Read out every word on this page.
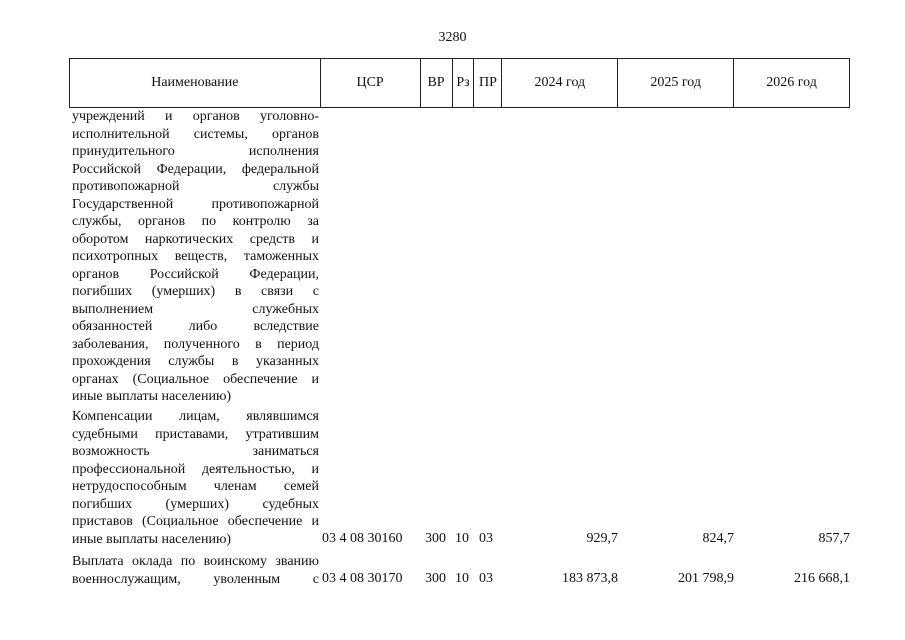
3280
Наименование	ЦСР	ВР Рз ПР	2024 год	2025 год	2026 год
учреждений и органов уголовно-
исполнительной системы, органов
принудительного исполнения
Российской Федерации, федеральной
противопожарной службы
Государственной противопожарной
службы, органов по контролю за
оборотом наркотических средств и
психотропных веществ, таможенных
органов Российской Федерации,
погибших (умерших) в связи с
выполнением служебных
обязанностей либо вследствие
заболевания, полученного в период
прохождения службы в указанных
органах (Социальное обеспечение и
иные выплаты населению)
Компенсации лицам, являвшимся
судебными приставами, утратившим
возможность заниматься
профессиональной деятельностью, и
нетрудоспособным членам семей
погибших (умерших) судебных
приставов (Социальное обеспечение и
иные выплаты населению)	03 4 08 30160 300 10 03	929,7	824,7	857,7
Выплата оклада по воинскому званию
военнослужащим, уволенным с 03 4 08 30170 300 10 03	183 873,8	201 798,9	216 668,1
